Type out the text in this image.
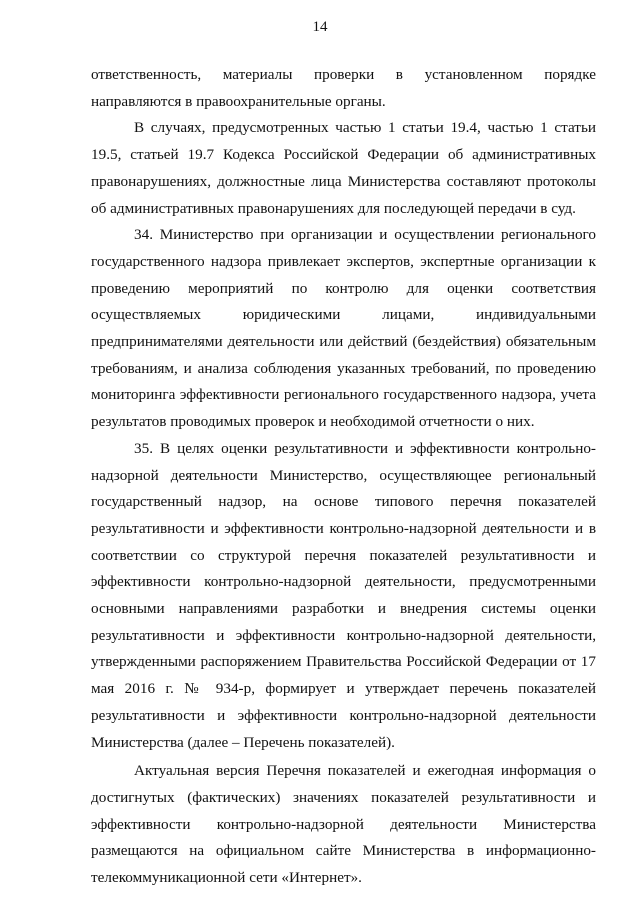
14

ответственность, материалы проверки в установленном порядке направляются в правоохранительные органы.

В случаях, предусмотренных частью 1 статьи 19.4, частью 1 статьи 19.5, статьей 19.7 Кодекса Российской Федерации об административных правонарушениях, должностные лица Министерства составляют протоколы об административных правонарушениях для последующей передачи в суд.

34. Министерство при организации и осуществлении регионального государственного надзора привлекает экспертов, экспертные организации к проведению мероприятий по контролю для оценки соответствия осуществляемых юридическими лицами, индивидуальными предпринимателями деятельности или действий (бездействия) обязательным требованиям, и анализа соблюдения указанных требований, по проведению мониторинга эффективности регионального государственного надзора, учета результатов проводимых проверок и необходимой отчетности о них.

35. В целях оценки результативности и эффективности контрольно-надзорной деятельности Министерство, осуществляющее региональный государственный надзор, на основе типового перечня показателей результативности и эффективности контрольно-надзорной деятельности и в соответствии со структурой перечня показателей результативности и эффективности контрольно-надзорной деятельности, предусмотренными основными направлениями разработки и внедрения системы оценки результативности и эффективности контрольно-надзорной деятельности, утвержденными распоряжением Правительства Российской Федерации от 17 мая 2016 г. № 934-р, формирует и утверждает перечень показателей результативности и эффективности контрольно-надзорной деятельности Министерства (далее – Перечень показателей).

Актуальная версия Перечня показателей и ежегодная информация о достигнутых (фактических) значениях показателей результативности и эффективности контрольно-надзорной деятельности Министерства размещаются на официальном сайте Министерства в информационно-телекоммуникационной сети «Интернет».
